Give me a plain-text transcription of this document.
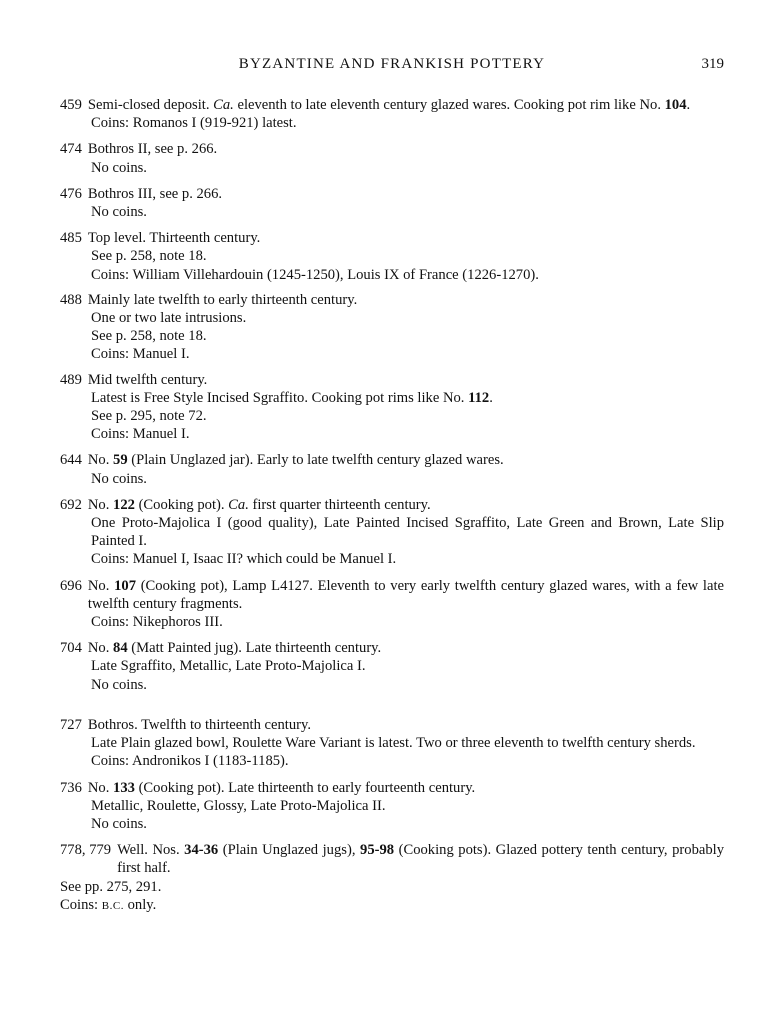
BYZANTINE AND FRANKISH POTTERY	319
459 Semi-closed deposit. Ca. eleventh to late eleventh century glazed wares. Cooking pot rim like No. 104.
Coins: Romanos I (919-921) latest.
474 Bothros II, see p. 266.
No coins.
476 Bothros III, see p. 266.
No coins.
485 Top level. Thirteenth century.
See p. 258, note 18.
Coins: William Villehardouin (1245-1250), Louis IX of France (1226-1270).
488 Mainly late twelfth to early thirteenth century.
One or two late intrusions.
See p. 258, note 18.
Coins: Manuel I.
489 Mid twelfth century.
Latest is Free Style Incised Sgraffito. Cooking pot rims like No. 112.
See p. 295, note 72.
Coins: Manuel I.
644 No. 59 (Plain Unglazed jar). Early to late twelfth century glazed wares.
No coins.
692 No. 122 (Cooking pot). Ca. first quarter thirteenth century.
One Proto-Majolica I (good quality), Late Painted Incised Sgraffito, Late Green and Brown, Late Slip Painted I.
Coins: Manuel I, Isaac II? which could be Manuel I.
696 No. 107 (Cooking pot), Lamp L4127. Eleventh to very early twelfth century glazed wares, with a few late twelfth century fragments.
Coins: Nikephoros III.
704 No. 84 (Matt Painted jug). Late thirteenth century.
Late Sgraffito, Metallic, Late Proto-Majolica I.
No coins.
727 Bothros. Twelfth to thirteenth century.
Late Plain glazed bowl, Roulette Ware Variant is latest. Two or three eleventh to twelfth century sherds.
Coins: Andronikos I (1183-1185).
736 No. 133 (Cooking pot). Late thirteenth to early fourteenth century.
Metallic, Roulette, Glossy, Late Proto-Majolica II.
No coins.
778, 779 Well. Nos. 34-36 (Plain Unglazed jugs), 95-98 (Cooking pots). Glazed pottery tenth century, probably first half.
See pp. 275, 291.
Coins: B.C. only.
